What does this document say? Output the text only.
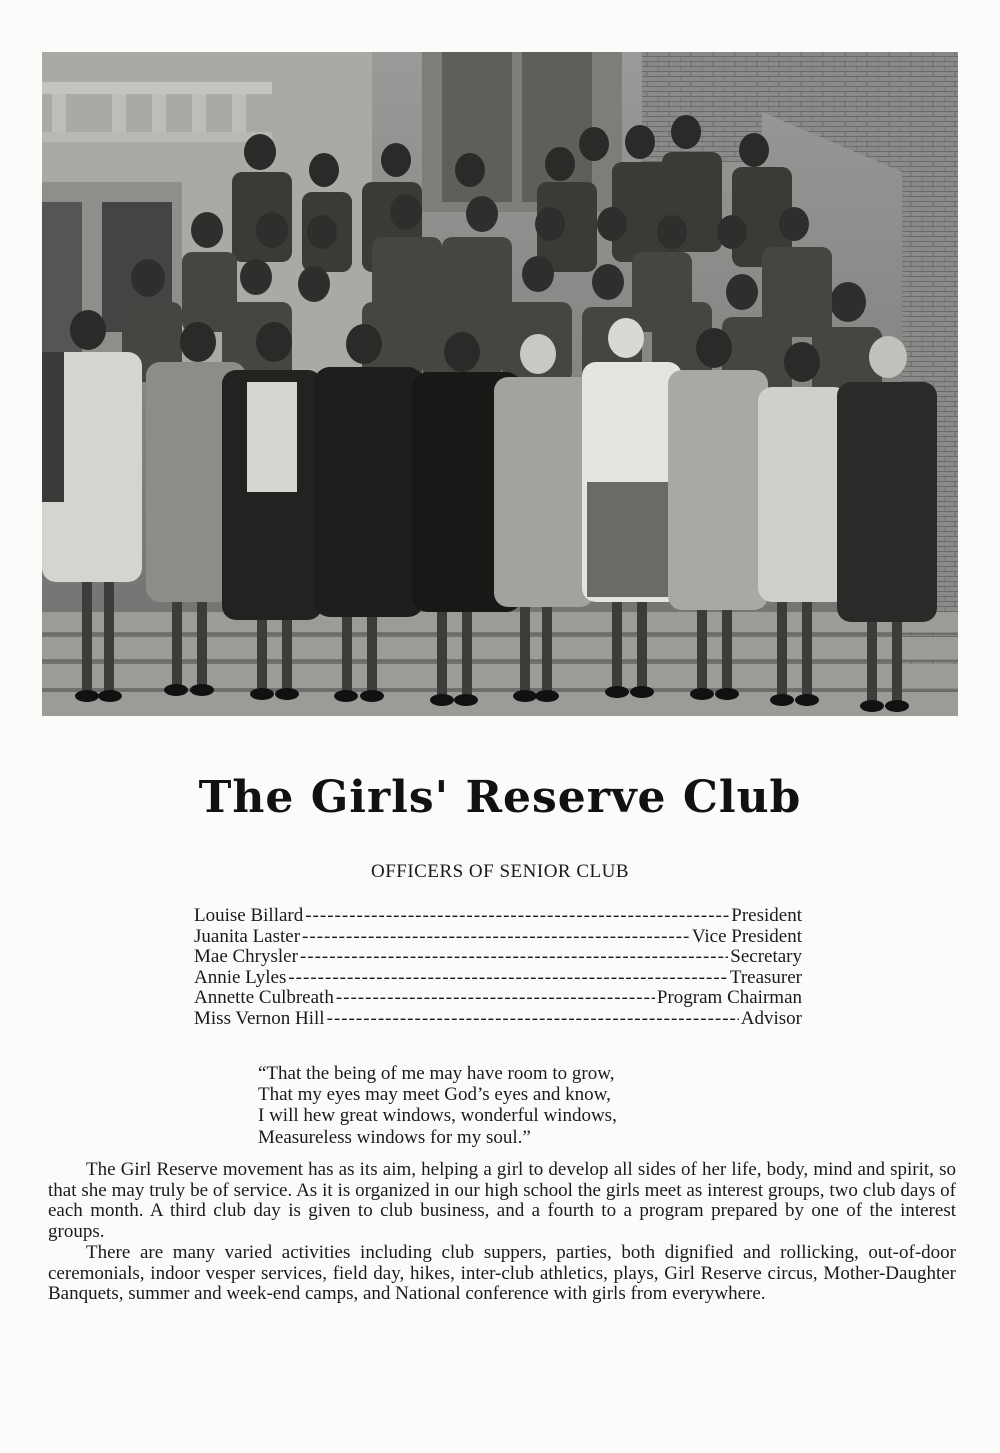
The Girls' Reserve Club
OFFICERS OF SENIOR CLUB
Louise Billard -----	President
Juanita Laster -----	Vice President
Mae Chrysler -----	Secretary
Annie Lyles -----	Treasurer
Annette Culbreath -----	Program Chairman
Miss Vernon Hill -----	Advisor
“That the being of me may have room to grow,
That my eyes may meet God’s eyes and know,
I will hew great windows, wonderful windows,
Measureless windows for my soul.”

The Girl Reserve movement has as its aim, helping a girl to develop all sides of her life, body, mind and spirit, so that she may truly be of service. As it is organized in our high school the girls meet as interest groups, two club days of each month. A third club day is given to club business, and a fourth to a program prepared by one of the interest groups.

There are many varied activities including club suppers, parties, both dignified and rollicking, out-of-door ceremonials, indoor vesper services, field day, hikes, inter-club athletics, plays, Girl Reserve circus, Mother-Daughter Banquets, summer and week-end camps, and National conference with girls from everywhere.
